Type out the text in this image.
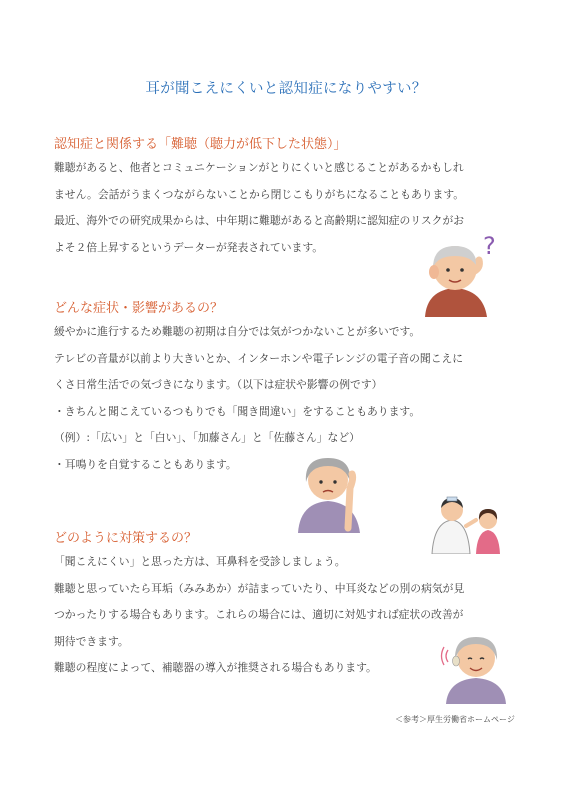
耳が聞こえにくいと認知症になりやすい？
認知症と関係する「難聴（聴力が低下した状態）」
難聴があると、他者とコミュニケーションがとりにくいと感じることがあるかもしれ
ません。会話がうまくつながらないことから閉じこもりがちになることもあります。
最近、海外での研究成果からは、中年期に難聴があると高齢期に認知症のリスクがお
よそ２倍上昇するというデーターが発表されています。	?
どんな症状・影響があるの？
緩やかに進行するため難聴の初期は自分では気がつかないことが多いです。
テレビの音量が以前より大きいとか、インターホンや電子レンジの電子音の聞こえに
くさ日常生活での気づきになります。（以下は症状や影響の例です）
・きちんと聞こえているつもりでも「聞き間違い」をすることもあります。
（例）:「広い」と「白い」、「加藤さん」と「佐藤さん」など）
・耳鳴りを自覚することもあります。
どのように対策するの？
「聞こえにくい」と思った方は、耳鼻科を受診しましょう。
難聴と思っていたら耳垢（みみあか）が詰まっていたり、中耳炎などの別の病気が見
つかったりする場合もあります。これらの場合には、適切に対処すれば症状の改善が
期待できます。
難聴の程度によって、補聴器の導入が推奨される場合もあります。
＜参考＞厚生労働省ホームページ
